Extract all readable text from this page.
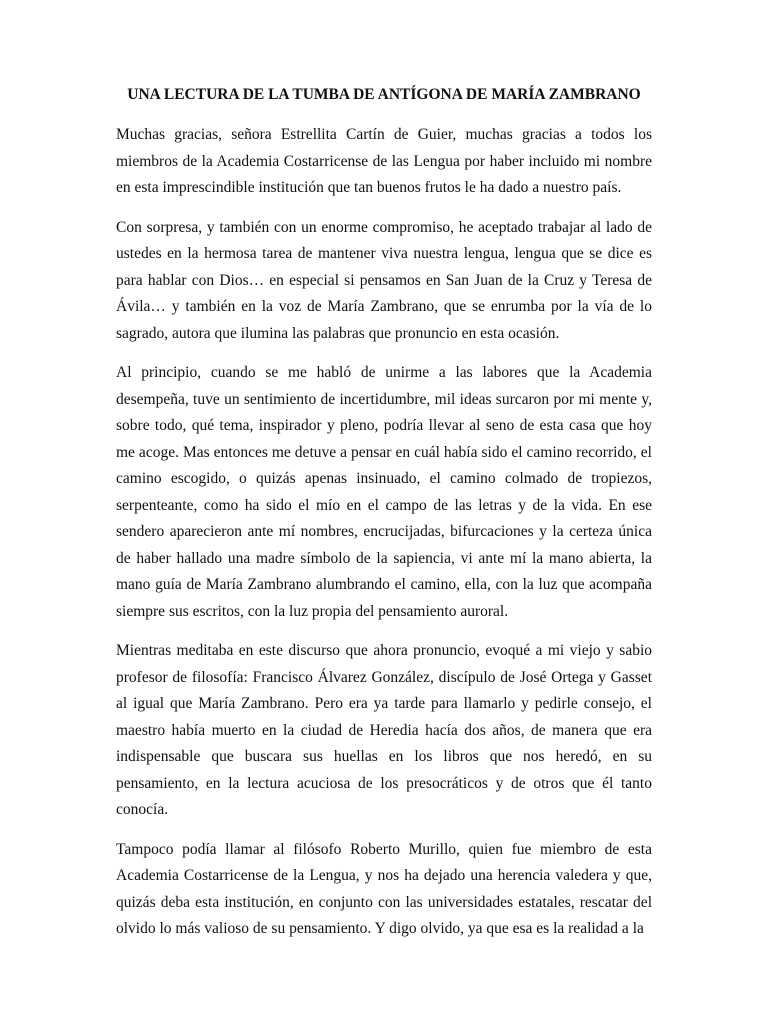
UNA LECTURA DE LA TUMBA DE ANTÍGONA DE MARÍA ZAMBRANO

Muchas gracias, señora Estrellita Cartín de Guier, muchas gracias a todos los miembros de la Academia Costarricense de las Lengua por haber incluido mi nombre en esta imprescindible institución que tan buenos frutos le ha dado a nuestro país.

Con sorpresa, y también con un enorme compromiso, he aceptado trabajar al lado de ustedes en la hermosa tarea de mantener viva nuestra lengua, lengua que se dice es para hablar con Dios… en especial si pensamos en San Juan de la Cruz y Teresa de Ávila… y también en la voz de María Zambrano, que se enrumba por la vía de lo sagrado, autora que ilumina las palabras que pronuncio en esta ocasión.

Al principio, cuando se me habló de unirme a las labores que la Academia desempeña, tuve un sentimiento de incertidumbre, mil ideas surcaron por mi mente y, sobre todo, qué tema, inspirador y pleno, podría llevar al seno de esta casa que hoy me acoge. Mas entonces me detuve a pensar en cuál había sido el camino recorrido, el camino escogido, o quizás apenas insinuado, el camino colmado de tropiezos, serpenteante, como ha sido el mío en el campo de las letras y de la vida. En ese sendero aparecieron ante mí nombres, encrucijadas, bifurcaciones y la certeza única de haber hallado una madre símbolo de la sapiencia, vi ante mí la mano abierta, la mano guía de María Zambrano alumbrando el camino, ella, con la luz que acompaña siempre sus escritos, con la luz propia del pensamiento auroral.

Mientras meditaba en este discurso que ahora pronuncio, evoqué a mi viejo y sabio profesor de filosofía: Francisco Álvarez González, discípulo de José Ortega y Gasset al igual que María Zambrano. Pero era ya tarde para llamarlo y pedirle consejo, el maestro había muerto en la ciudad de Heredia hacía dos años, de manera que era indispensable que buscara sus huellas en los libros que nos heredó, en su pensamiento, en la lectura acuciosa de los presocráticos y de otros que él tanto conocía.

Tampoco podía llamar al filósofo Roberto Murillo, quien fue miembro de esta Academia Costarricense de la Lengua, y nos ha dejado una herencia valedera y que, quizás deba esta institución, en conjunto con las universidades estatales, rescatar del olvido lo más valioso de su pensamiento. Y digo olvido, ya que esa es la realidad a la
